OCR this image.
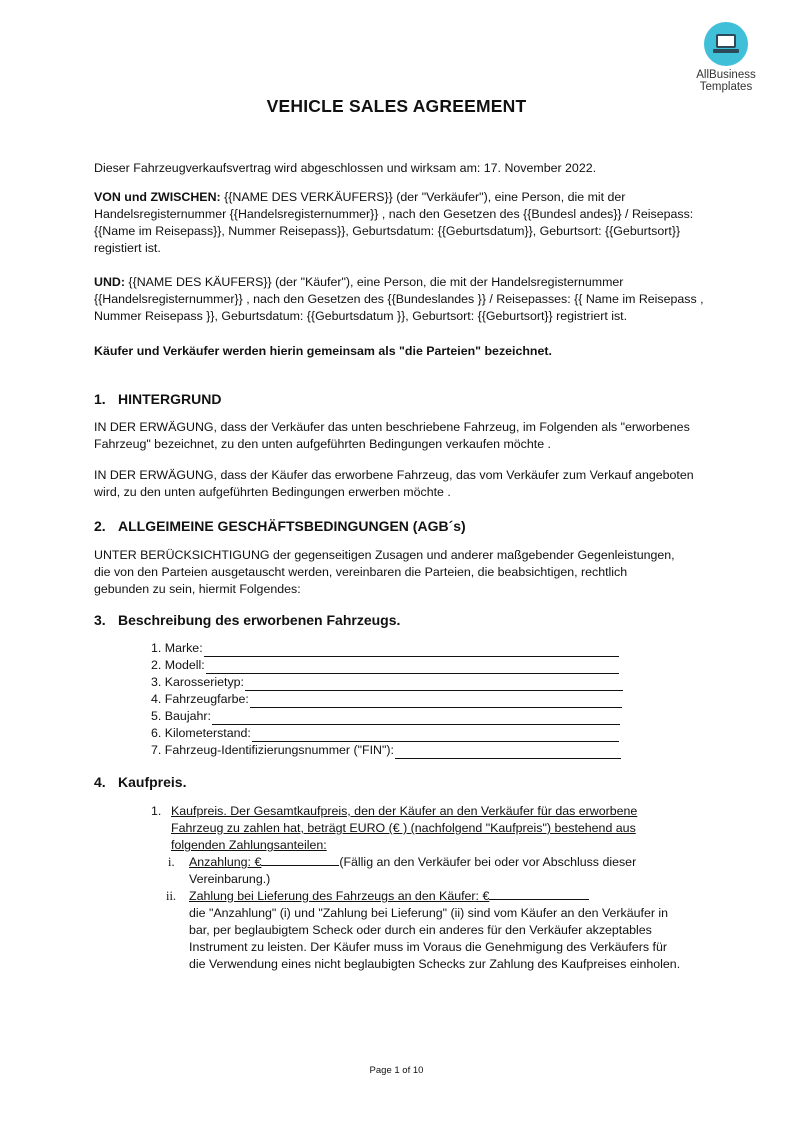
AllBusiness
Templates
VEHICLE SALES AGREEMENT
Dieser Fahrzeugverkaufsvertrag wird abgeschlossen und wirksam am: 17. November 2022.
VON und ZWISCHEN: {{NAME DES VERKÄUFERS}} (der "Verkäufer"), eine Person, die mit der Handelsregisternummer {{Handelsregisternummer}} , nach den Gesetzen des {{Bundesl andes}} / Reisepass: {{Name im Reisepass}}, Nummer Reisepass}}, Geburtsdatum: {{Geburtsdatum}}, Geburtsort: {{Geburtsort}} registiert ist.
UND: {{NAME DES KÄUFERS}} (der "Käufer"), eine Person, die mit der Handelsregisternummer {{Handelsregisternummer}} , nach den Gesetzen des {{Bundeslandes }} / Reisepasses: {{ Name im Reisepass , Nummer Reisepass }}, Geburtsdatum: {{Geburtsdatum }}, Geburtsort: {{Geburtsort}} registriert ist.
Käufer und Verkäufer werden hierin gemeinsam als "die Parteien" bezeichnet.
1. HINTERGRUND
IN DER ERWÄGUNG, dass der Verkäufer das unten beschriebene Fahrzeug, im Folgenden als "erworbenes Fahrzeug" bezeichnet, zu den unten aufgeführten Bedingungen verkaufen möchte .
IN DER ERWÄGUNG, dass der Käufer das erworbene Fahrzeug, das vom Verkäufer zum Verkauf angeboten wird, zu den unten aufgeführten Bedingungen erwerben möchte .
2. ALLGEIMEINE GESCHÄFTSBEDINGUNGEN (AGB´s)
UNTER BERÜCKSICHTIGUNG der gegenseitigen Zusagen und anderer maßgebender Gegenleistungen,
die von den Parteien ausgetauscht werden, vereinbaren die Parteien, die beabsichtigen, rechtlich
gebunden zu sein, hiermit Folgendes:
3. Beschreibung des erworbenen Fahrzeugs.
1. Marke:
2. Modell:
3. Karosserietyp:
4. Fahrzeugfarbe:
5. Baujahr:
6. Kilometerstand:
7. Fahrzeug-Identifizierungsnummer ("FIN"):
4. Kaufpreis.
1. Kaufpreis. Der Gesamtkaufpreis, den der Käufer an den Verkäufer für das erworbene
Fahrzeug zu zahlen hat, beträgt EURO (€ ) (nachfolgend "Kaufpreis") bestehend aus
folgenden Zahlungsanteilen:
i. Anzahlung: €	(Fällig an den Verkäufer bei oder vor Abschluss dieser
Vereinbarung.)
ii. Zahlung bei Lieferung des Fahrzeugs an den Käufer: €
die "Anzahlung" (i) und "Zahlung bei Lieferung" (ii) sind vom Käufer an den Verkäufer in
bar, per beglaubigtem Scheck oder durch ein anderes für den Verkäufer akzeptables
Instrument zu leisten. Der Käufer muss im Voraus die Genehmigung des Verkäufers für
die Verwendung eines nicht beglaubigten Schecks zur Zahlung des Kaufpreises einholen.
Page 1 of 10
